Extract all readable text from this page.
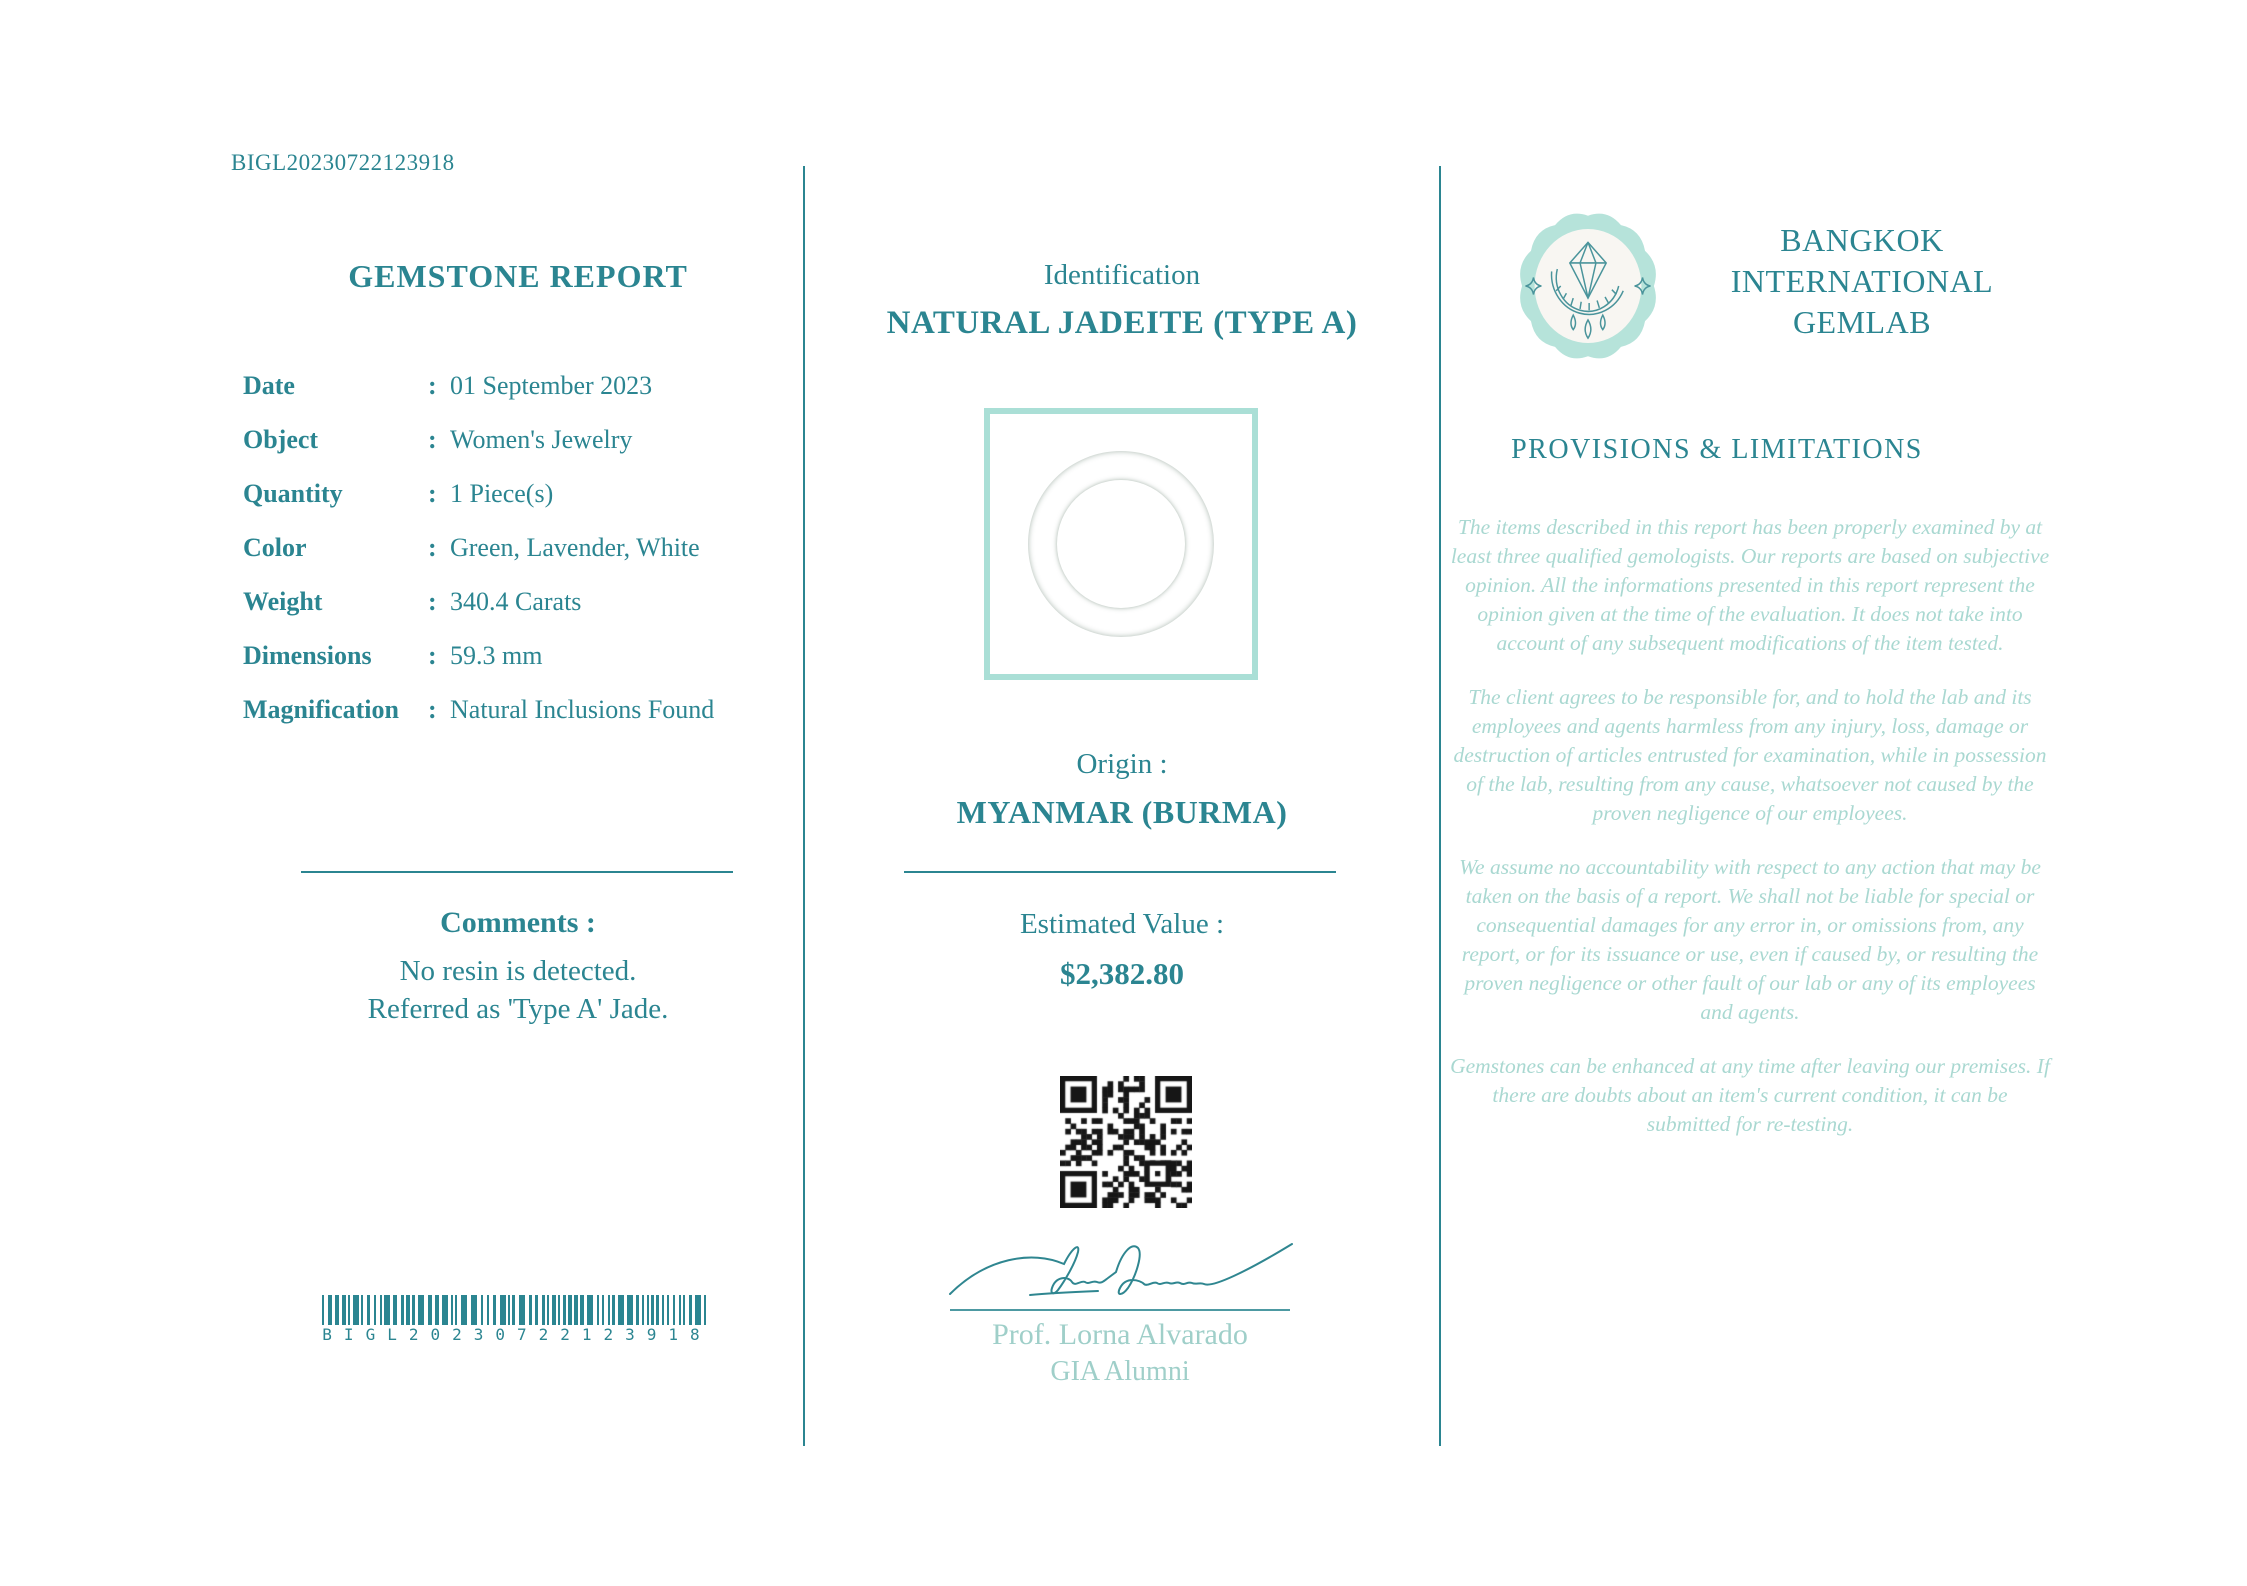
BIGL20230722123918
GEMSTONE REPORT
Date	: 01 September 2023
Object	: Women's Jewelry
Quantity	: 1 Piece(s)
Color	: Green, Lavender, White
Weight	: 340.4 Carats
Dimensions	: 59.3 mm
Magnification	: Natural Inclusions Found
Comments :
No resin is detected.
Referred as 'Type A' Jade.
BIGL20230722123918
Identification
NATURAL JADEITE (TYPE A)
Origin :
MYANMAR (BURMA)
Estimated Value :
$2,382.80
Prof. Lorna Alvarado
GIA Alumni
BANGKOK
INTERNATIONAL
GEMLAB
PROVISIONS & LIMITATIONS

The items described in this report has been properly examined by at least three qualified gemologists. Our reports are based on subjective opinion. All the informations presented in this report represent the opinion given at the time of the evaluation. It does not take into account of any subsequent modifications of the item tested.

The client agrees to be responsible for, and to hold the lab and its employees and agents harmless from any injury, loss, damage or destruction of articles entrusted for examination, while in possession of the lab, resulting from any cause, whatsoever not caused by the proven negligence of our employees.

We assume no accountability with respect to any action that may be taken on the basis of a report. We shall not be liable for special or consequential damages for any error in, or omissions from, any report, or for its issuance or use, even if caused by, or resulting the proven negligence or other fault of our lab or any of its employees and agents.

Gemstones can be enhanced at any time after leaving our premises. If there are doubts about an item's current condition, it can be submitted for re-testing.
